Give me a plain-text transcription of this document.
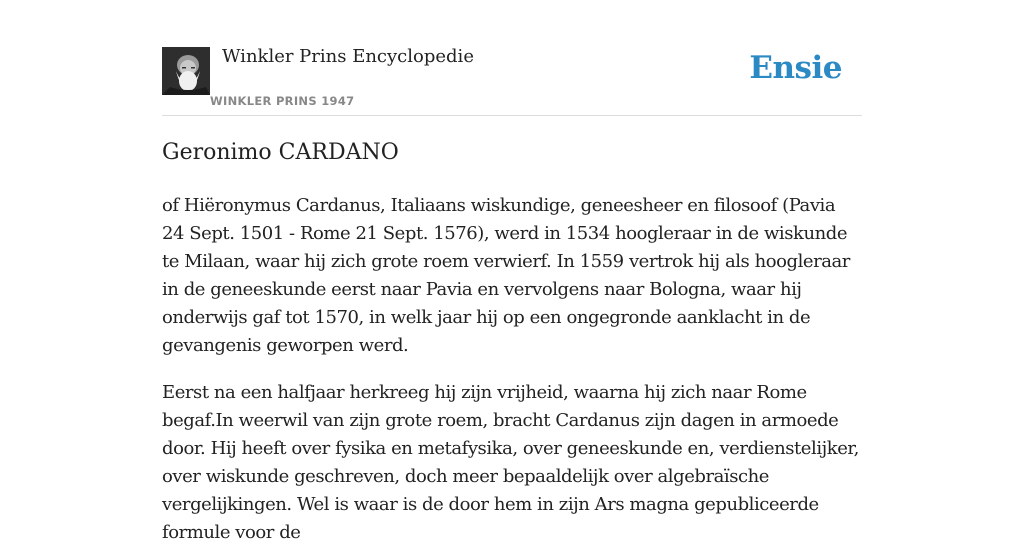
Winkler Prins Encyclopedie
WINKLER PRINS 1947
Ensie
Geronimo CARDANO

of Hiëronymus Cardanus, Italiaans wiskundige, geneesheer en filosoof (Pavia 24 Sept. 1501 - Rome 21 Sept. 1576), werd in 1534 hoogleraar in de wiskunde te Milaan, waar hij zich grote roem verwierf. In 1559 vertrok hij als hoogleraar in de geneeskunde eerst naar Pavia en vervolgens naar Bologna, waar hij onderwijs gaf tot 1570, in welk jaar hij op een ongegronde aanklacht in de gevangenis geworpen werd.

Eerst na een halfjaar herkreeg hij zijn vrijheid, waarna hij zich naar Rome begaf.In weerwil van zijn grote roem, bracht Cardanus zijn dagen in armoede door. Hij heeft over fysika en metafysika, over geneeskunde en, verdienstelijker, over wiskunde geschreven, doch meer bepaaldelijk over algebraïsche vergelijkingen. Wel is waar is de door hem in zijn Ars magna gepubliceerde formule voor de
